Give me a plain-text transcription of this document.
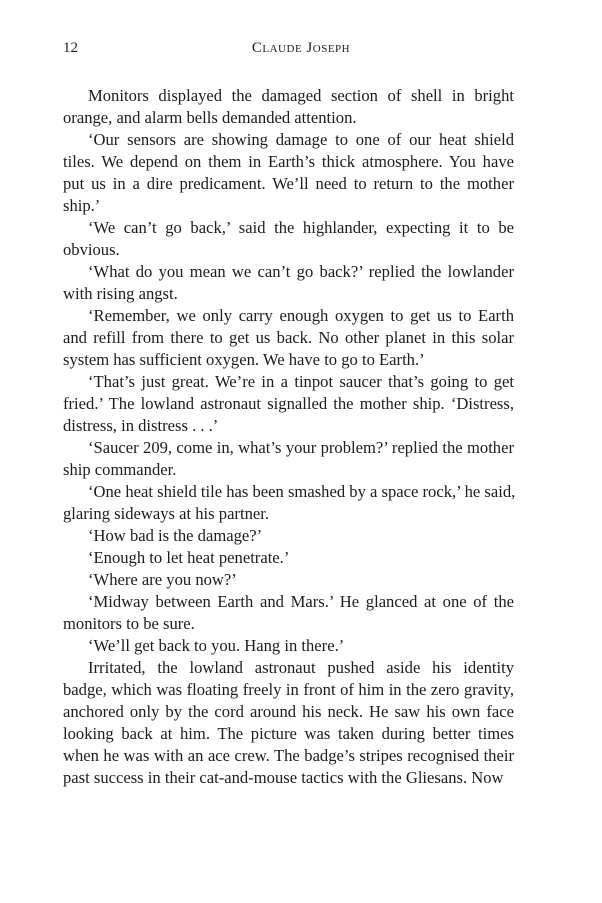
12	Claude Joseph
Monitors displayed the damaged section of shell in bright
orange, and alarm bells demanded attention.
‘Our sensors are showing damage to one of our heat shield
tiles. We depend on them in Earth’s thick atmosphere. You have
put us in a dire predicament. We’ll need to return to the mother
ship.’
‘We can’t go back,’ said the highlander, expecting it to be
obvious.
‘What do you mean we can’t go back?’ replied the lowlander
with rising angst.
‘Remember, we only carry enough oxygen to get us to Earth
and refill from there to get us back. No other planet in this solar
system has sufficient oxygen. We have to go to Earth.’
‘That’s just great. We’re in a tinpot saucer that’s going to get
fried.’ The lowland astronaut signalled the mother ship. ‘Distress,
distress, in distress . . .’
‘Saucer 209, come in, what’s your problem?’ replied the mother
ship commander.
‘One heat shield tile has been smashed by a space rock,’ he said,
glaring sideways at his partner.
‘How bad is the damage?’
‘Enough to let heat penetrate.’
‘Where are you now?’
‘Midway between Earth and Mars.’ He glanced at one of the
monitors to be sure.
‘We’ll get back to you. Hang in there.’
Irritated, the lowland astronaut pushed aside his identity
badge, which was floating freely in front of him in the zero gravity,
anchored only by the cord around his neck. He saw his own face
looking back at him. The picture was taken during better times
when he was with an ace crew. The badge’s stripes recognised their
past success in their cat-and-mouse tactics with the Gliesans. Now
